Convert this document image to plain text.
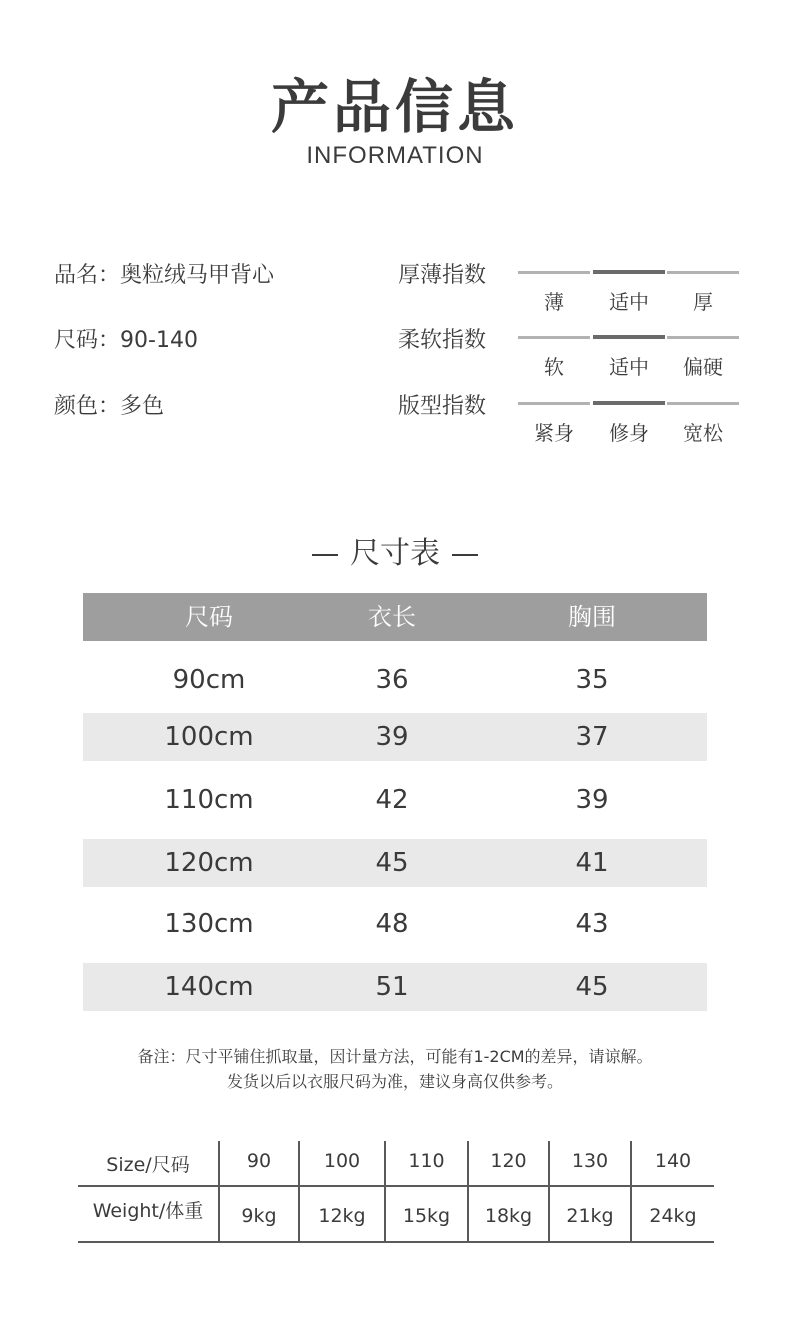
产品信息
INFORMATION
品名 ： 奥粒绒马甲背心
尺码 ： 90-140
颜色 ： 多色
厚薄指数
薄	适中	厚
柔软指数
软	适中	偏硬
版型指数
紧身	修身	宽松
尺寸表
尺码	衣长	胸围
90cm	36	35
100cm	39	37
110cm	42	39
120cm	45	41
130cm	48	43
140cm	51	45
备注：尺寸平铺住抓取量，因计量方法，可能有1-2CM的差异，请谅解。
发货以后以衣服尺码为准，建议身高仅供参考。
Size/尺码	90	100	110	120	130	140
Weight/体重	9kg	12kg	15kg	18kg	21kg	24kg
